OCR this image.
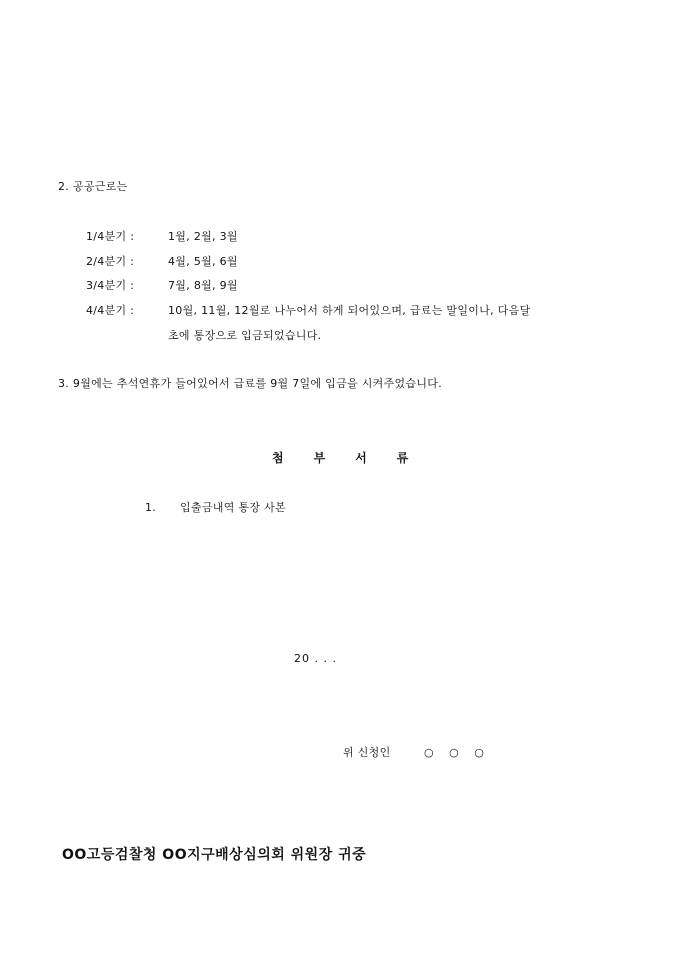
2. 공공근로는
1/4분기 :	1월, 2월, 3월
2/4분기 :	4월, 5월, 6월
3/4분기 :	7월, 8월, 9월
4/4분기 :	10월, 11월, 12월로 나누어서 하게 되어있으며, 급료는 말일이나, 다음달
초에 통장으로 입금되었습니다.
3. 9월에는 추석연휴가 들어있어서 급료를 9월 7일에 입금을 시켜주었습니다.
첨부서류
1. 입출금내역 통장 사본
20 . . .
위 신청인	○ ○ ○
OO고등검찰청 OO지구배상심의회 위원장 귀중
